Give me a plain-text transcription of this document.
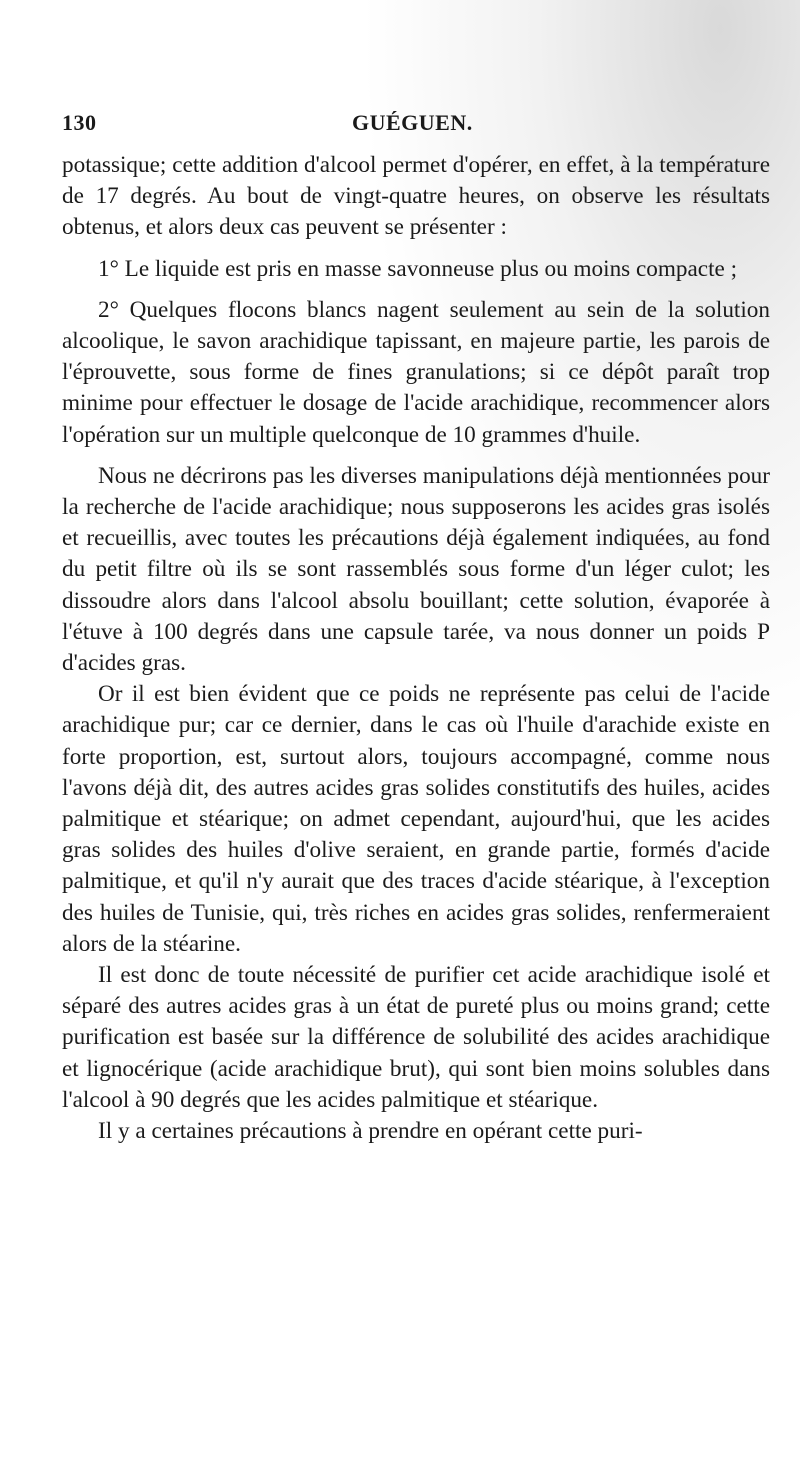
130	GUÉGUEN.

potassique; cette addition d'alcool permet d'opérer, en effet, à la température de 17 degrés. Au bout de vingt-quatre heures, on observe les résultats obtenus, et alors deux cas peuvent se présenter :

1° Le liquide est pris en masse savonneuse plus ou moins compacte ;

2° Quelques flocons blancs nagent seulement au sein de la solution alcoolique, le savon arachidique tapissant, en majeure partie, les parois de l'éprouvette, sous forme de fines granulations; si ce dépôt paraît trop minime pour effectuer le dosage de l'acide arachidique, recommencer alors l'opération sur un multiple quelconque de 10 grammes d'huile.

Nous ne décrirons pas les diverses manipulations déjà mentionnées pour la recherche de l'acide arachidique; nous supposerons les acides gras isolés et recueillis, avec toutes les précautions déjà également indiquées, au fond du petit filtre où ils se sont rassemblés sous forme d'un léger culot; les dissoudre alors dans l'alcool absolu bouillant; cette solution, évaporée à l'étuve à 100 degrés dans une capsule tarée, va nous donner un poids P d'acides gras.

Or il est bien évident que ce poids ne représente pas celui de l'acide arachidique pur; car ce dernier, dans le cas où l'huile d'arachide existe en forte proportion, est, surtout alors, toujours accompagné, comme nous l'avons déjà dit, des autres acides gras solides constitutifs des huiles, acides palmitique et stéarique; on admet cependant, aujourd'hui, que les acides gras solides des huiles d'olive seraient, en grande partie, formés d'acide palmitique, et qu'il n'y aurait que des traces d'acide stéarique, à l'exception des huiles de Tunisie, qui, très riches en acides gras solides, renfermeraient alors de la stéarine.

Il est donc de toute nécessité de purifier cet acide arachidique isolé et séparé des autres acides gras à un état de pureté plus ou moins grand; cette purification est basée sur la différence de solubilité des acides arachidique et lignocérique (acide arachidique brut), qui sont bien moins solubles dans l'alcool à 90 degrés que les acides palmitique et stéarique.

Il y a certaines précautions à prendre en opérant cette puri-
